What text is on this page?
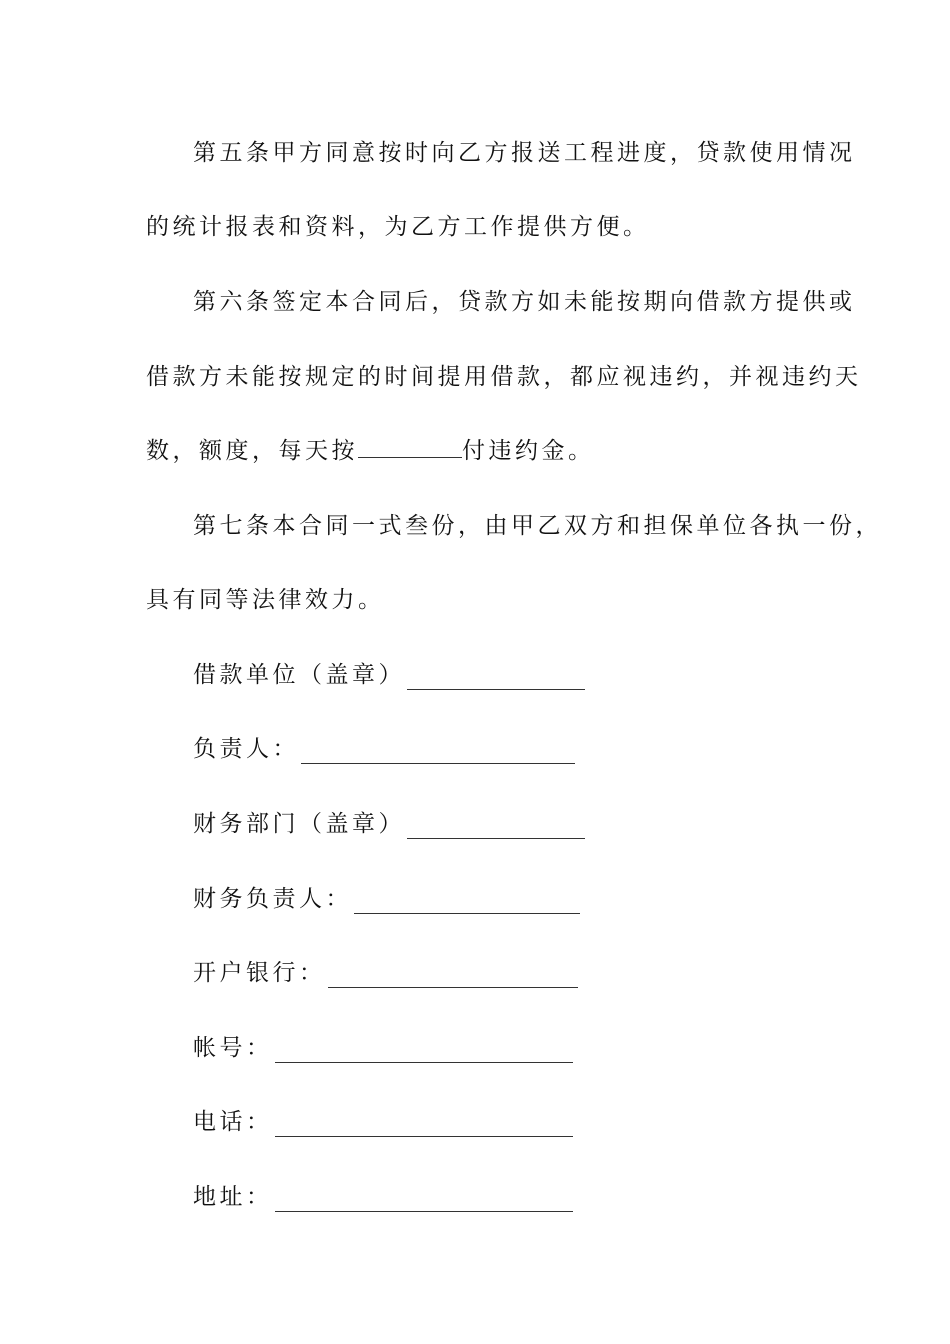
第五条甲方同意按时向乙方报送工程进度，贷款使用情况
的统计报表和资料，为乙方工作提供方便。
第六条签定本合同后，贷款方如未能按期向借款方提供或
借款方未能按规定的时间提用借款，都应视违约，并视违约天
数，额度，每天按	付违约金。
第七条本合同一式叁份，由甲乙双方和担保单位各执一份，
具有同等法律效力。
借款单位（盖章）
负责人：
财务部门（盖章）
财务负责人：
开户银行：
帐号：
电话：
地址：
